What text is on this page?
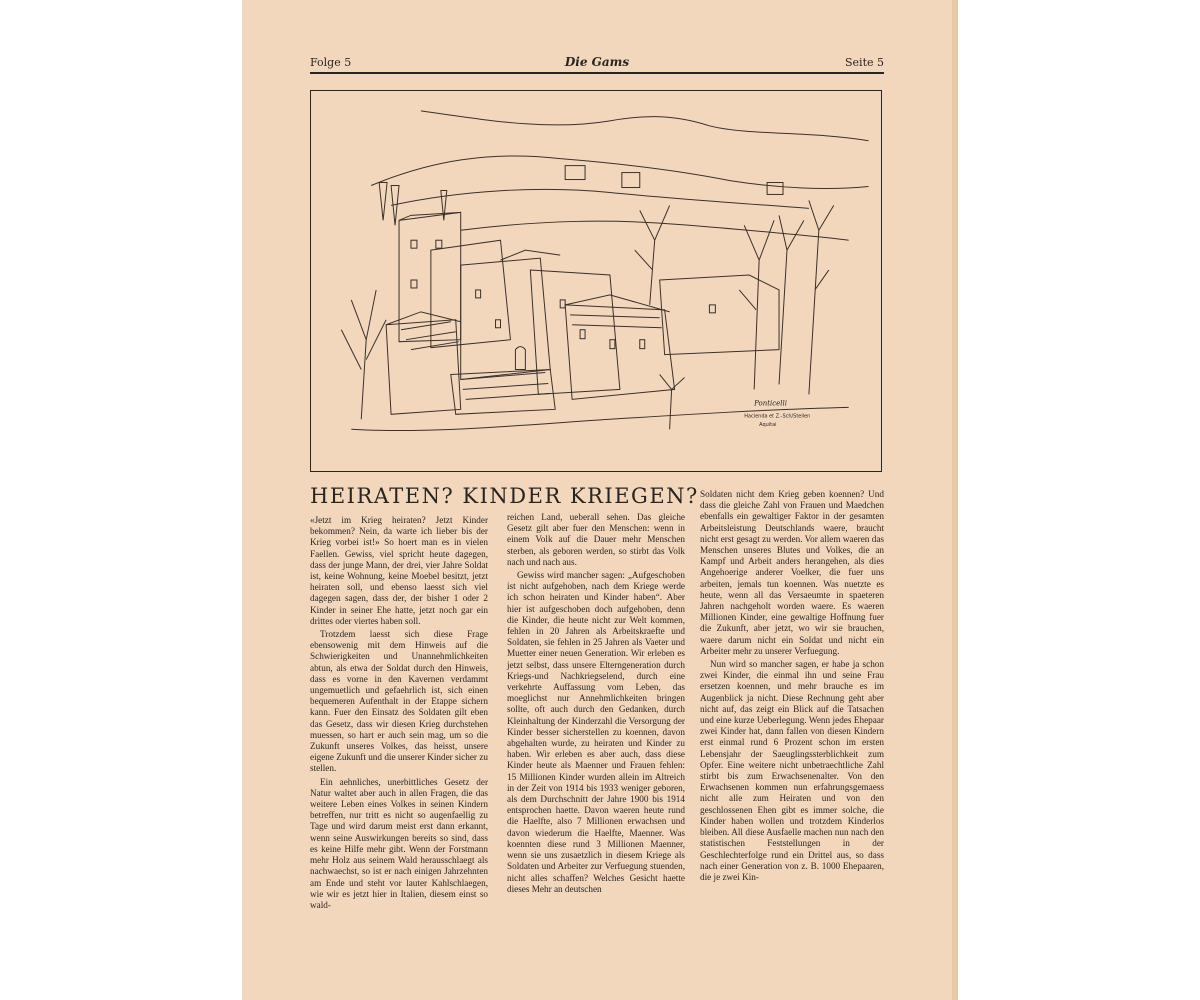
Folge 5	Die Gams	Seite 5
Ponticelli
Hacienda et Z.-Sch/Stellen
Aquitai
HEIRATEN? KINDER KRIEGEN?

«Jetzt im Krieg heiraten? Jetzt Kinder bekommen? Nein, da warte ich lieber bis der Krieg vorbei ist!» So hoert man es in vielen Faellen. Gewiss, viel spricht heute dagegen, dass der junge Mann, der drei, vier Jahre Soldat ist, keine Wohnung, keine Moebel besitzt, jetzt heiraten soll, und ebenso laesst sich viel dagegen sagen, dass der, der bisher 1 oder 2 Kinder in seiner Ehe hatte, jetzt noch gar ein drittes oder viertes haben soll.

Trotzdem laesst sich diese Frage ebensowenig mit dem Hinweis auf die Schwierigkeiten und Unannehmlichkeiten abtun, als etwa der Soldat durch den Hinweis, dass es vorne in den Kavernen verdammt ungemuetlich und gefaehrlich ist, sich einen bequemeren Aufenthalt in der Etappe sichern kann. Fuer den Einsatz des Soldaten gilt eben das Gesetz, dass wir diesen Krieg durchstehen muessen, so hart er auch sein mag, um so die Zukunft unseres Volkes, das heisst, unsere eigene Zukunft und die unserer Kinder sicher zu stellen.

Ein aehnliches, unerbittliches Gesetz der Natur waltet aber auch in allen Fragen, die das weitere Leben eines Volkes in seinen Kindern betreffen, nur tritt es nicht so augenfaellig zu Tage und wird darum meist erst dann erkannt, wenn seine Auswirkungen bereits so sind, dass es keine Hilfe mehr gibt. Wenn der Forstmann mehr Holz aus seinem Wald herausschlaegt als nachwaechst, so ist er nach einigen Jahrzehnten am Ende und steht vor lauter Kahlschlaegen, wie wir es jetzt hier in Italien, diesem einst so wald-

reichen Land, ueberall sehen. Das gleiche Gesetz gilt aber fuer den Menschen: wenn in einem Volk auf die Dauer mehr Menschen sterben, als geboren werden, so stirbt das Volk nach und nach aus.

Gewiss wird mancher sagen: „Aufgeschoben ist nicht aufgehoben, nach dem Kriege werde ich schon heiraten und Kinder haben“. Aber hier ist aufgeschoben doch aufgehoben, denn die Kinder, die heute nicht zur Welt kommen, fehlen in 20 Jahren als Arbeitskraefte und Soldaten, sie fehlen in 25 Jahren als Vaeter und Muetter einer neuen Generation. Wir erleben es jetzt selbst, dass unsere Elterngeneration durch Kriegs-und Nachkriegselend, durch eine verkehrte Auffassung vom Leben, das moeglichst nur Annehmlichkeiten bringen sollte, oft auch durch den Gedanken, durch Kleinhaltung der Kinderzahl die Versorgung der Kinder besser sicherstellen zu koennen, davon abgehalten wurde, zu heiraten und Kinder zu haben. Wir erleben es aber auch, dass diese Kinder heute als Maenner und Frauen fehlen: 15 Millionen Kinder wurden allein im Altreich in der Zeit von 1914 bis 1933 weniger geboren, als dem Durchschnitt der Jahre 1900 bis 1914 entsprochen haette. Davon waeren heute rund die Haelfte, also 7 Millionen erwachsen und davon wiederum die Haelfte, Maenner. Was koennten diese rund 3 Millionen Maenner, wenn sie uns zusaetzlich in diesem Kriege als Soldaten und Arbeiter zur Verfuegung stuenden, nicht alles schaffen? Welches Gesicht haette dieses Mehr an deutschen

Soldaten nicht dem Krieg geben koennen? Und dass die gleiche Zahl von Frauen und Maedchen ebenfalls ein gewaltiger Faktor in der gesamten Arbeitsleistung Deutschlands waere, braucht nicht erst gesagt zu werden. Vor allem waeren das Menschen unseres Blutes und Volkes, die an Kampf und Arbeit anders herangehen, als dies Angehoerige anderer Voelker, die fuer uns arbeiten, jemals tun koennen. Was nuetzte es heute, wenn all das Versaeumte in spaeteren Jahren nachgeholt worden waere. Es waeren Millionen Kinder, eine gewaltige Hoffnung fuer die Zukunft, aber jetzt, wo wir sie brauchen, waere darum nicht ein Soldat und nicht ein Arbeiter mehr zu unserer Verfuegung.

Nun wird so mancher sagen, er habe ja schon zwei Kinder, die einmal ihn und seine Frau ersetzen koennen, und mehr brauche es im Augenblick ja nicht. Diese Rechnung geht aber nicht auf, das zeigt ein Blick auf die Tatsachen und eine kurze Ueberlegung. Wenn jedes Ehepaar zwei Kinder hat, dann fallen von diesen Kindern erst einmal rund 6 Prozent schon im ersten Lebensjahr der Saeuglingssterblichkeit zum Opfer. Eine weitere nicht unbetraechtliche Zahl stirbt bis zum Erwachsenenalter. Von den Erwachsenen kommen nun erfahrungsgemaess nicht alle zum Heiraten und von den geschlossenen Ehen gibt es immer solche, die Kinder haben wollen und trotzdem Kinderlos bleiben. All diese Ausfaelle machen nun nach den statistischen Feststellungen in der Geschlechterfolge rund ein Drittel aus, so dass nach einer Generation von z. B. 1000 Ehepaaren, die je zwei Kin-
